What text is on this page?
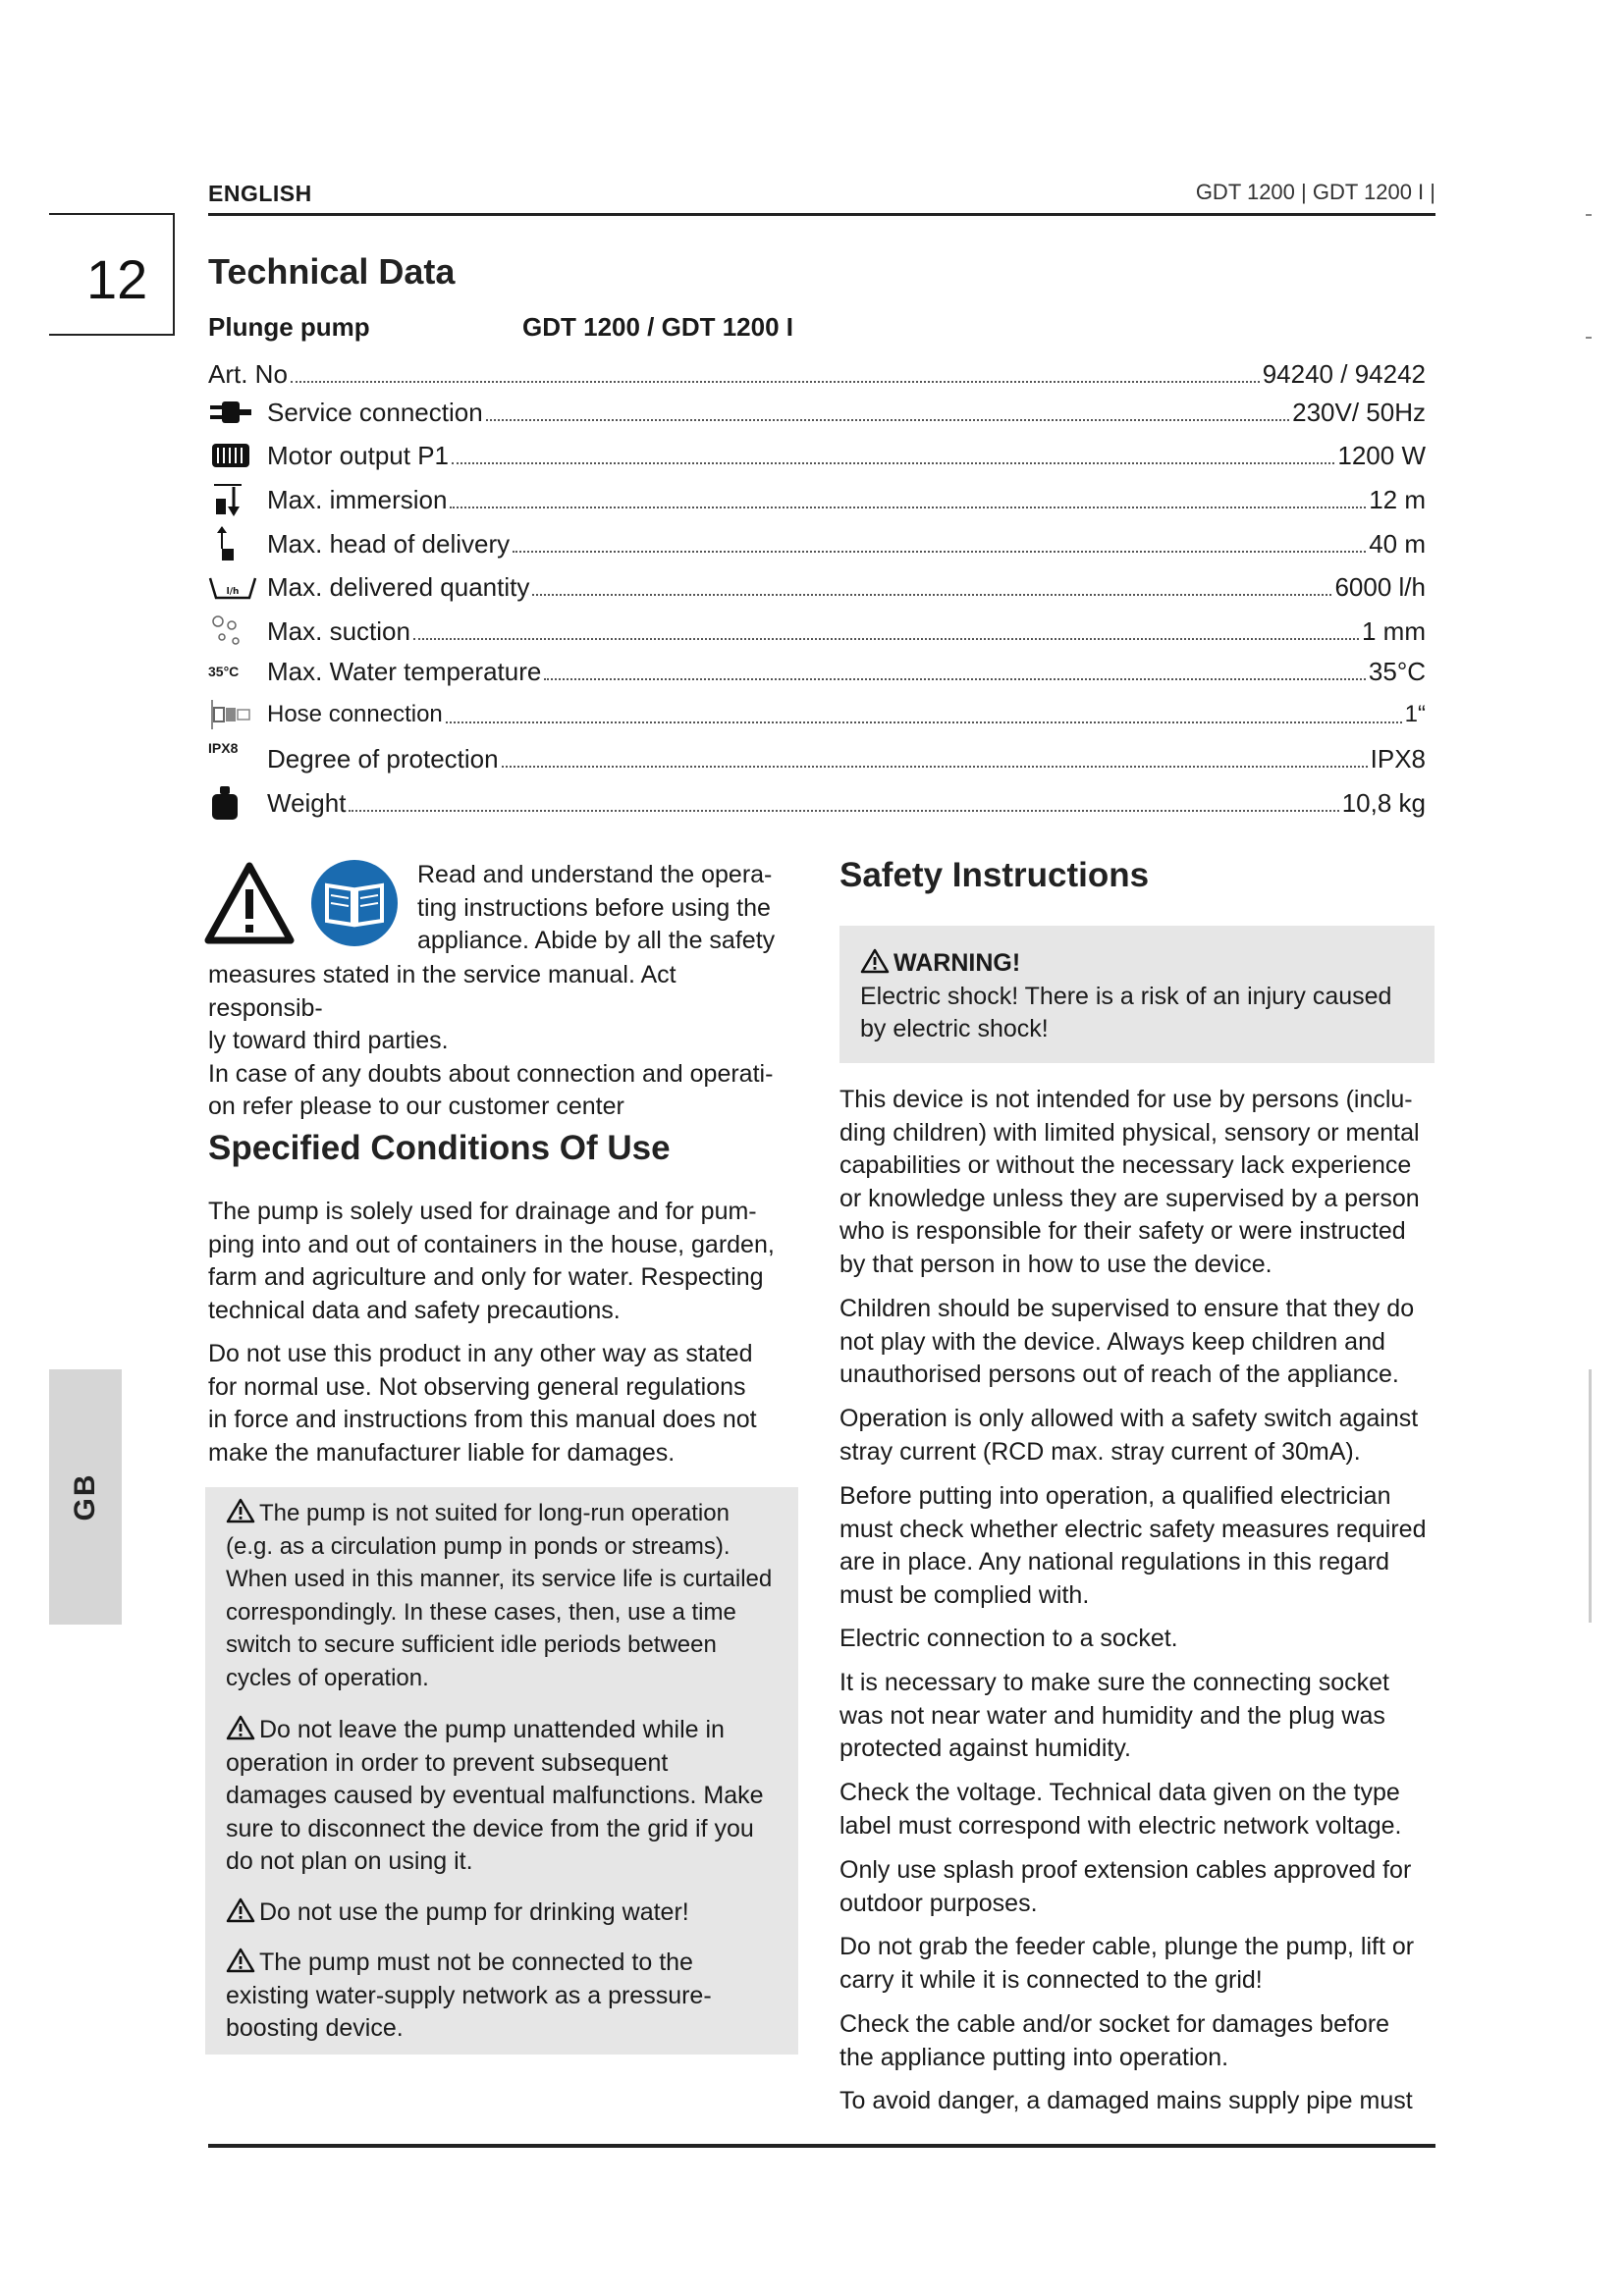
ENGLISH	GDT 1200 | GDT 1200 I |
12
GB
Technical Data
Plunge pump	GDT 1200 / GDT 1200 I
Art. No	94240 / 94242
Service connection	230V/ 50Hz
Motor output P1	1200 W
Max. immersion	12 m
Max. head of delivery	40 m
l/h Max. delivered quantity	6000 l/h
Max. suction	1 mm
35°C	Max. Water temperature	35°C
Hose connection	1“
IPX8	Degree of protection	IPX8
Weight	10,8 kg
Read and understand the opera-
ting instructions before using the
appliance. Abide by all the safety
measures stated in the service manual. Act responsib-
ly toward third parties.
In case of any doubts about connection and operati-
on refer please to our customer center
Specified Conditions Of Use
The pump is solely used for drainage and for pum-
ping into and out of containers in the house, garden,
farm and agriculture and only for water. Respecting
technical data and safety precautions.
Do not use this product in any other way as stated
for normal use. Not observing general regulations
in force and instructions from this manual does not
make the manufacturer liable for damages.
The pump is not suited for long-run operation
(e.g. as a circulation pump in ponds or streams).
When used in this manner, its service life is curtailed
correspondingly. In these cases, then, use a time
switch to secure sufficient idle periods between
cycles of operation.
Do not leave the pump unattended while in
operation in order to prevent subsequent
damages caused by eventual malfunctions. Make
sure to disconnect the device from the grid if you
do not plan on using it.
Do not use the pump for drinking water!
The pump must not be connected to the
existing water-supply network as a pressure-
boosting device.
Safety Instructions
WARNING!
Electric shock! There is a risk of an injury caused
by electric shock!
This device is not intended for use by persons (inclu-
ding children) with limited physical, sensory or mental
capabilities or without the necessary lack experience
or knowledge unless they are supervised by a person
who is responsible for their safety or were instructed
by that person in how to use the device.
Children should be supervised to ensure that they do
not play with the device. Always keep children and
unauthorised persons out of reach of the appliance.
Operation is only allowed with a safety switch against
stray current (RCD max. stray current of 30mA).
Before putting into operation, a qualified electrician
must check whether electric safety measures required
are in place. Any national regulations in this regard
must be complied with.
Electric connection to a socket.
It is necessary to make sure the connecting socket
was not near water and humidity and the plug was
protected against humidity.
Check the voltage. Technical data given on the type
label must correspond with electric network voltage.
Only use splash proof extension cables approved for
outdoor purposes.
Do not grab the feeder cable, plunge the pump, lift or
carry it while it is connected to the grid!
Check the cable and/or socket for damages before
the appliance putting into operation.
To avoid danger, a damaged mains supply pipe must
